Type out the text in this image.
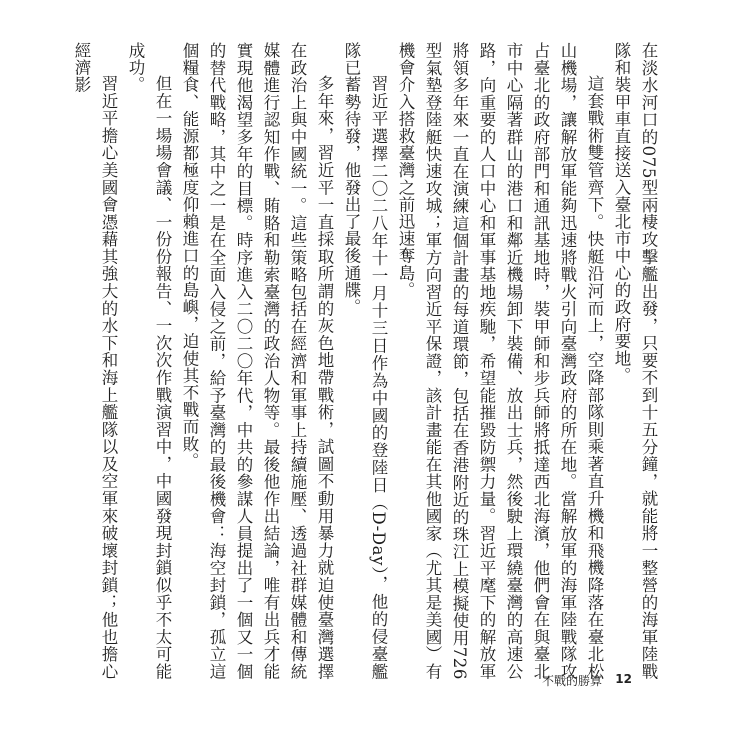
在淡水河口的075型兩棲攻擊艦出發，只要不到十五分鐘，就能將一整營的海軍陸戰隊和裝甲車直接送入臺北市中心的政府要地。

這套戰術雙管齊下。快艇沿河而上，空降部隊則乘著直升機和飛機降落在臺北松山機場，讓解放軍能夠迅速將戰火引向臺灣政府的所在地。當解放軍的海軍陸戰隊攻占臺北的政府部門和通訊基地時，裝甲師和步兵師將抵達西北海濱，他們會在與臺北市中心隔著群山的港口和鄰近機場卸下裝備、放出士兵，然後駛上環繞臺灣的高速公路，向重要的人口中心和軍事基地疾馳，希望能摧毀防禦力量。習近平麾下的解放軍將領多年來一直在演練這個計畫的每道環節，包括在香港附近的珠江上模擬使用726型氣墊登陸艇快速攻城；軍方向習近平保證，該計畫能在其他國家（尤其是美國）有機會介入搭救臺灣之前迅速奪島。

習近平選擇二〇二八年十一月十三日作為中國的登陸日（D-Day），他的侵臺艦隊已蓄勢待發，他發出了最後通牒。

多年來，習近平一直採取所謂的灰色地帶戰術，試圖不動用暴力就迫使臺灣選擇在政治上與中國統一。這些策略包括在經濟和軍事上持續施壓、透過社群媒體和傳統媒體進行認知作戰、賄賂和勒索臺灣的政治人物等。最後他作出結論，唯有出兵才能實現他渴望多年的目標。時序進入二〇二〇年代，中共的參謀人員提出了一個又一個的替代戰略，其中之一是在全面入侵之前，給予臺灣的最後機會：海空封鎖，孤立這個糧食、能源都極度仰賴進口的島嶼，迫使其不戰而敗。

但在一場場會議、一份份報告、一次次作戰演習中，中國發現封鎖似乎不太可能成功。

習近平擔心美國會憑藉其強大的水下和海上艦隊以及空軍來破壞封鎖；他也擔心經濟影

不戰的勝算 12
